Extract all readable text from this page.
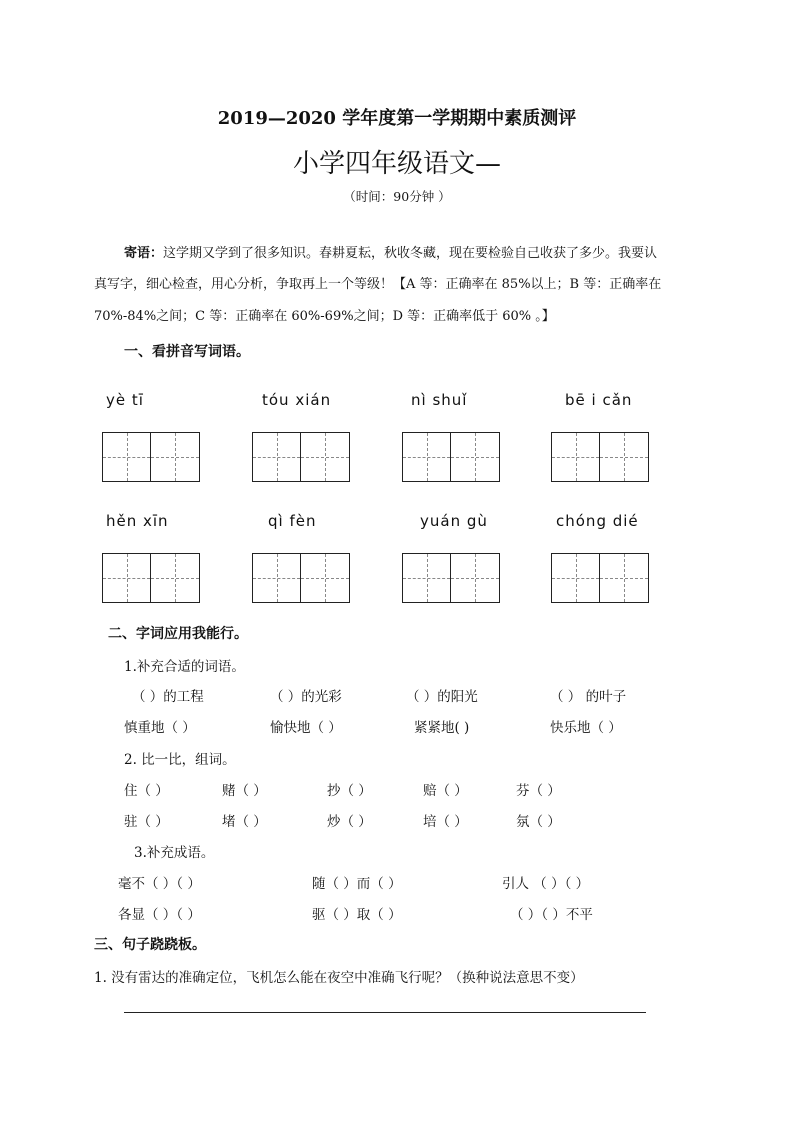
2019—2020 学年度第一学期期中素质测评
小学四年级语文—
（时间：90分钟 ）
寄语：这学期又学到了很多知识。春耕夏耘，秋收冬藏，现在要检验自己收获了多少。我要认
真写字，细心检查，用心分析，争取再上一个等级！【A 等：正确率在 85%以上；B 等：正确率在
70%-84%之间；C 等：正确率在 60%-69%之间；D 等：正确率低于 60% 。】
一、看拼音写词语。
yè tī	tóu xián	nì shuǐ	bē i cǎn
hěn xīn	qì fèn	yuán gù	chóng dié
二、字词应用我能行。
1.补充合适的词语。
（ ）的工程	（ ）的光彩	（ ）的阳光	（ ） 的叶子
慎重地（ ）	愉快地（ ）	紧紧地( )	快乐地（ ）
2. 比一比，组词。
住（ ）	赌（ ）	抄（ ）	赔（ ）	芬（ ）
驻（ ）	堵（ ）	炒（ ）	培（ ）	氛（ ）
3.补充成语。
毫不（ ）（ ）	随（ ）而（ ）	引人 （ ）（ ）
各显（ ）（ ）	驱（ ）取（ ）	（ ）（ ）不平
三、句子跷跷板。
1. 没有雷达的准确定位，飞机怎么能在夜空中准确飞行呢？（换种说法意思不变）
